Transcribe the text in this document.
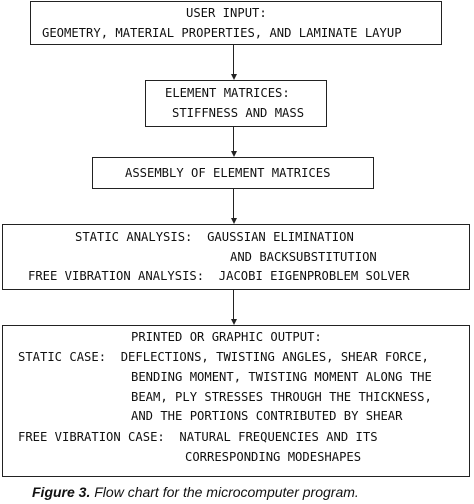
USER INPUT:
GEOMETRY, MATERIAL PROPERTIES, AND LAMINATE LAYUP
ELEMENT MATRICES:
STIFFNESS AND MASS
ASSEMBLY OF ELEMENT MATRICES
STATIC ANALYSIS:  GAUSSIAN ELIMINATION
AND BACKSUBSTITUTION
FREE VIBRATION ANALYSIS:  JACOBI EIGENPROBLEM SOLVER
PRINTED OR GRAPHIC OUTPUT:
STATIC CASE:  DEFLECTIONS, TWISTING ANGLES, SHEAR FORCE,
BENDING MOMENT, TWISTING MOMENT ALONG THE
BEAM, PLY STRESSES THROUGH THE THICKNESS,
AND THE PORTIONS CONTRIBUTED BY SHEAR
FREE VIBRATION CASE:  NATURAL FREQUENCIES AND ITS
CORRESPONDING MODESHAPES
Figure 3. Flow chart for the microcomputer program.
